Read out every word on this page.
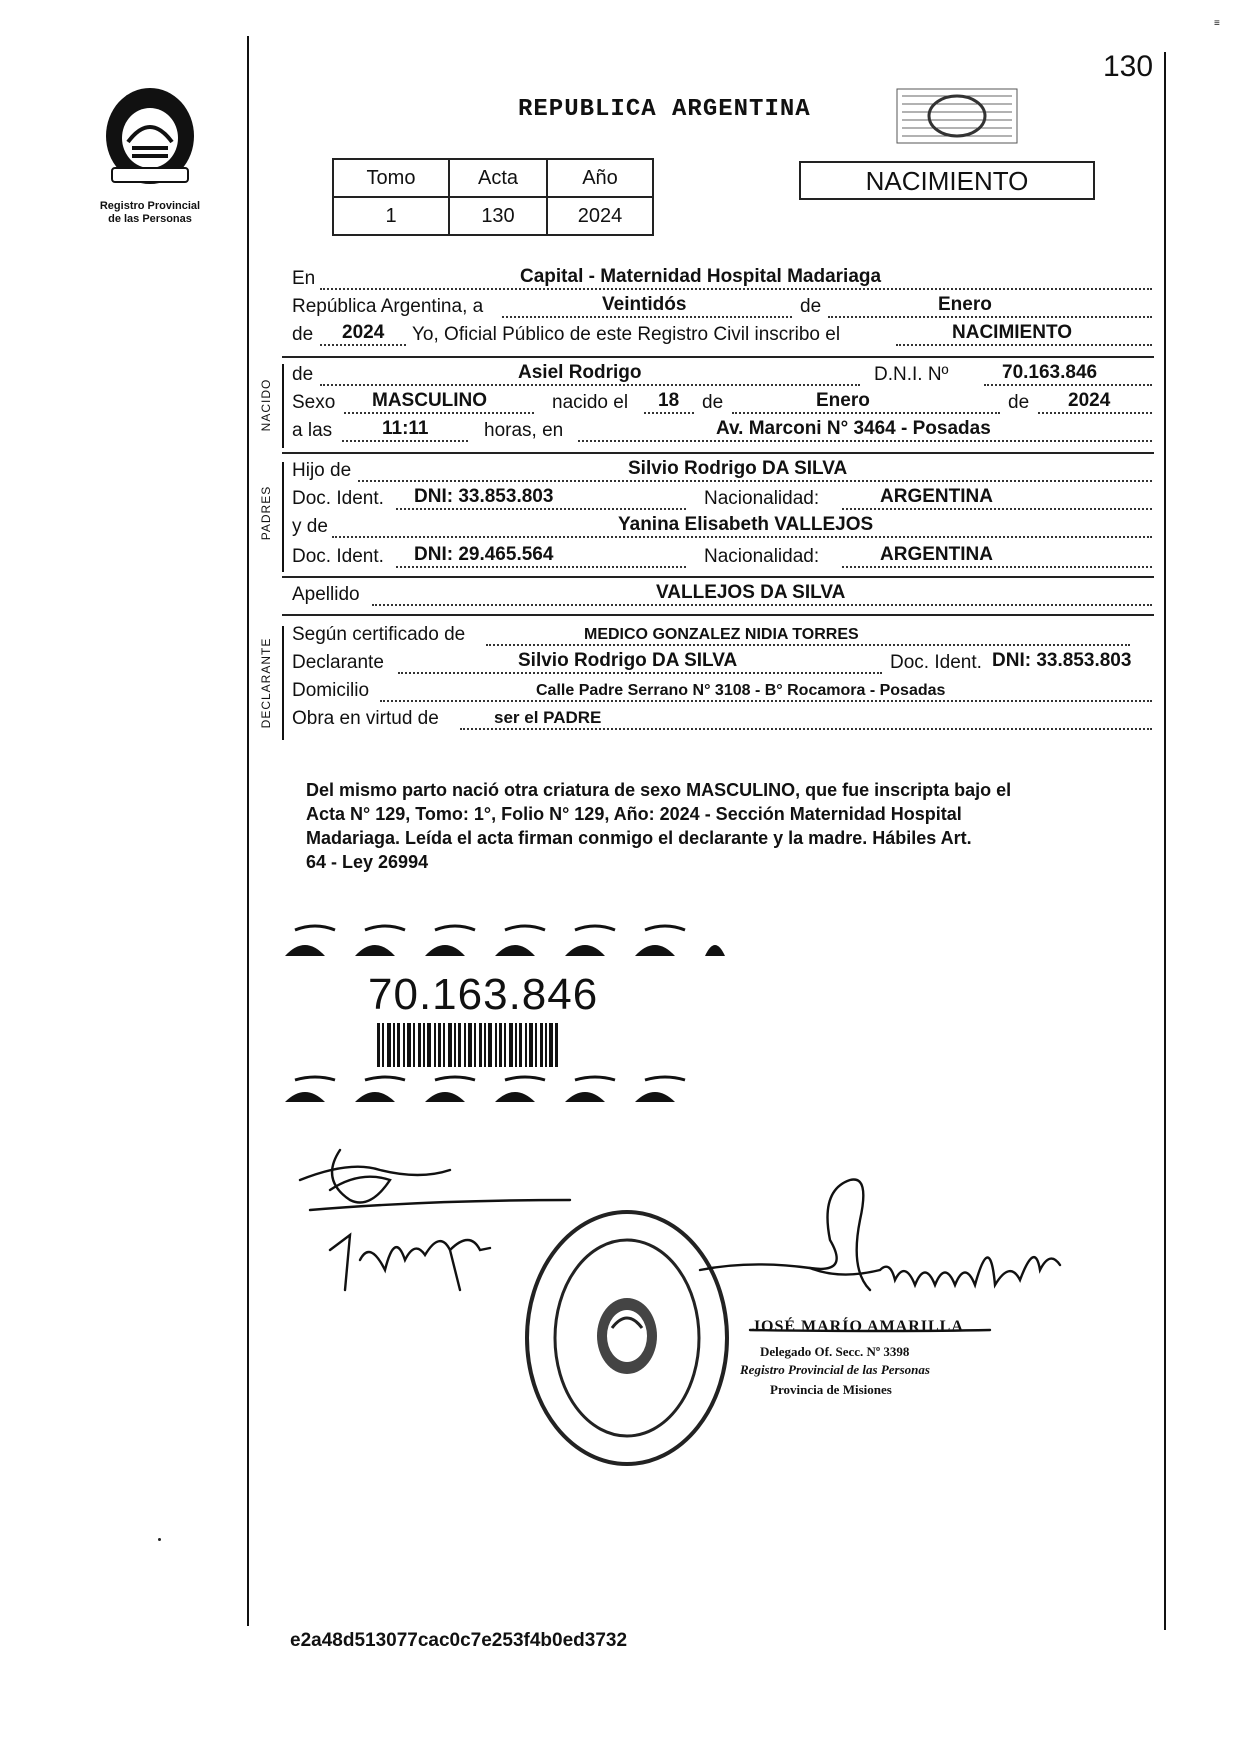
≡
130
Registro Provincial
de las Personas
REPUBLICA ARGENTINA
Tomo	Acta	Año
1	130	2024
NACIMIENTO
En	Capital - Maternidad Hospital Madariaga
República Argentina, a	Veintidós	de	Enero
de 2024 Yo, Oficial Público de este Registro Civil inscribo el	NACIMIENTO
NACIDO
de	Asiel Rodrigo	D.N.I. Nº	70.163.846
Sexo MASCULINO	nacido el 18 de	Enero	de 2024
a las	11:11	horas, en	Av. Marconi N° 3464 - Posadas
PADRES
Hijo de	Silvio Rodrigo DA SILVA
Doc. Ident. DNI: 33.853.803	Nacionalidad:	ARGENTINA
y de	Yanina Elisabeth VALLEJOS
Doc. Ident. DNI: 29.465.564	Nacionalidad:	ARGENTINA
Apellido	VALLEJOS DA SILVA
DECLARANTE
Según certificado de	MEDICO GONZALEZ NIDIA TORRES
Declarante	Silvio Rodrigo DA SILVA	Doc. Ident. DNI: 33.853.803
Domicilio	Calle Padre Serrano N° 3108 - B° Rocamora - Posadas
Obra en virtud de	ser el PADRE
Del mismo parto nació otra criatura de sexo MASCULINO, que fue inscripta bajo el
Acta N° 129, Tomo: 1°, Folio N° 129, Año: 2024 - Sección Maternidad Hospital
Madariaga. Leída el acta firman conmigo el declarante y la madre. Hábiles Art.
64 - Ley 26994
70.163.846
JOSÉ MARÍO AMARILLA
Delegado Of. Secc. Nº 3398
Registro Provincial de las Personas
Provincia de Misiones
e2a48d513077cac0c7e253f4b0ed3732
